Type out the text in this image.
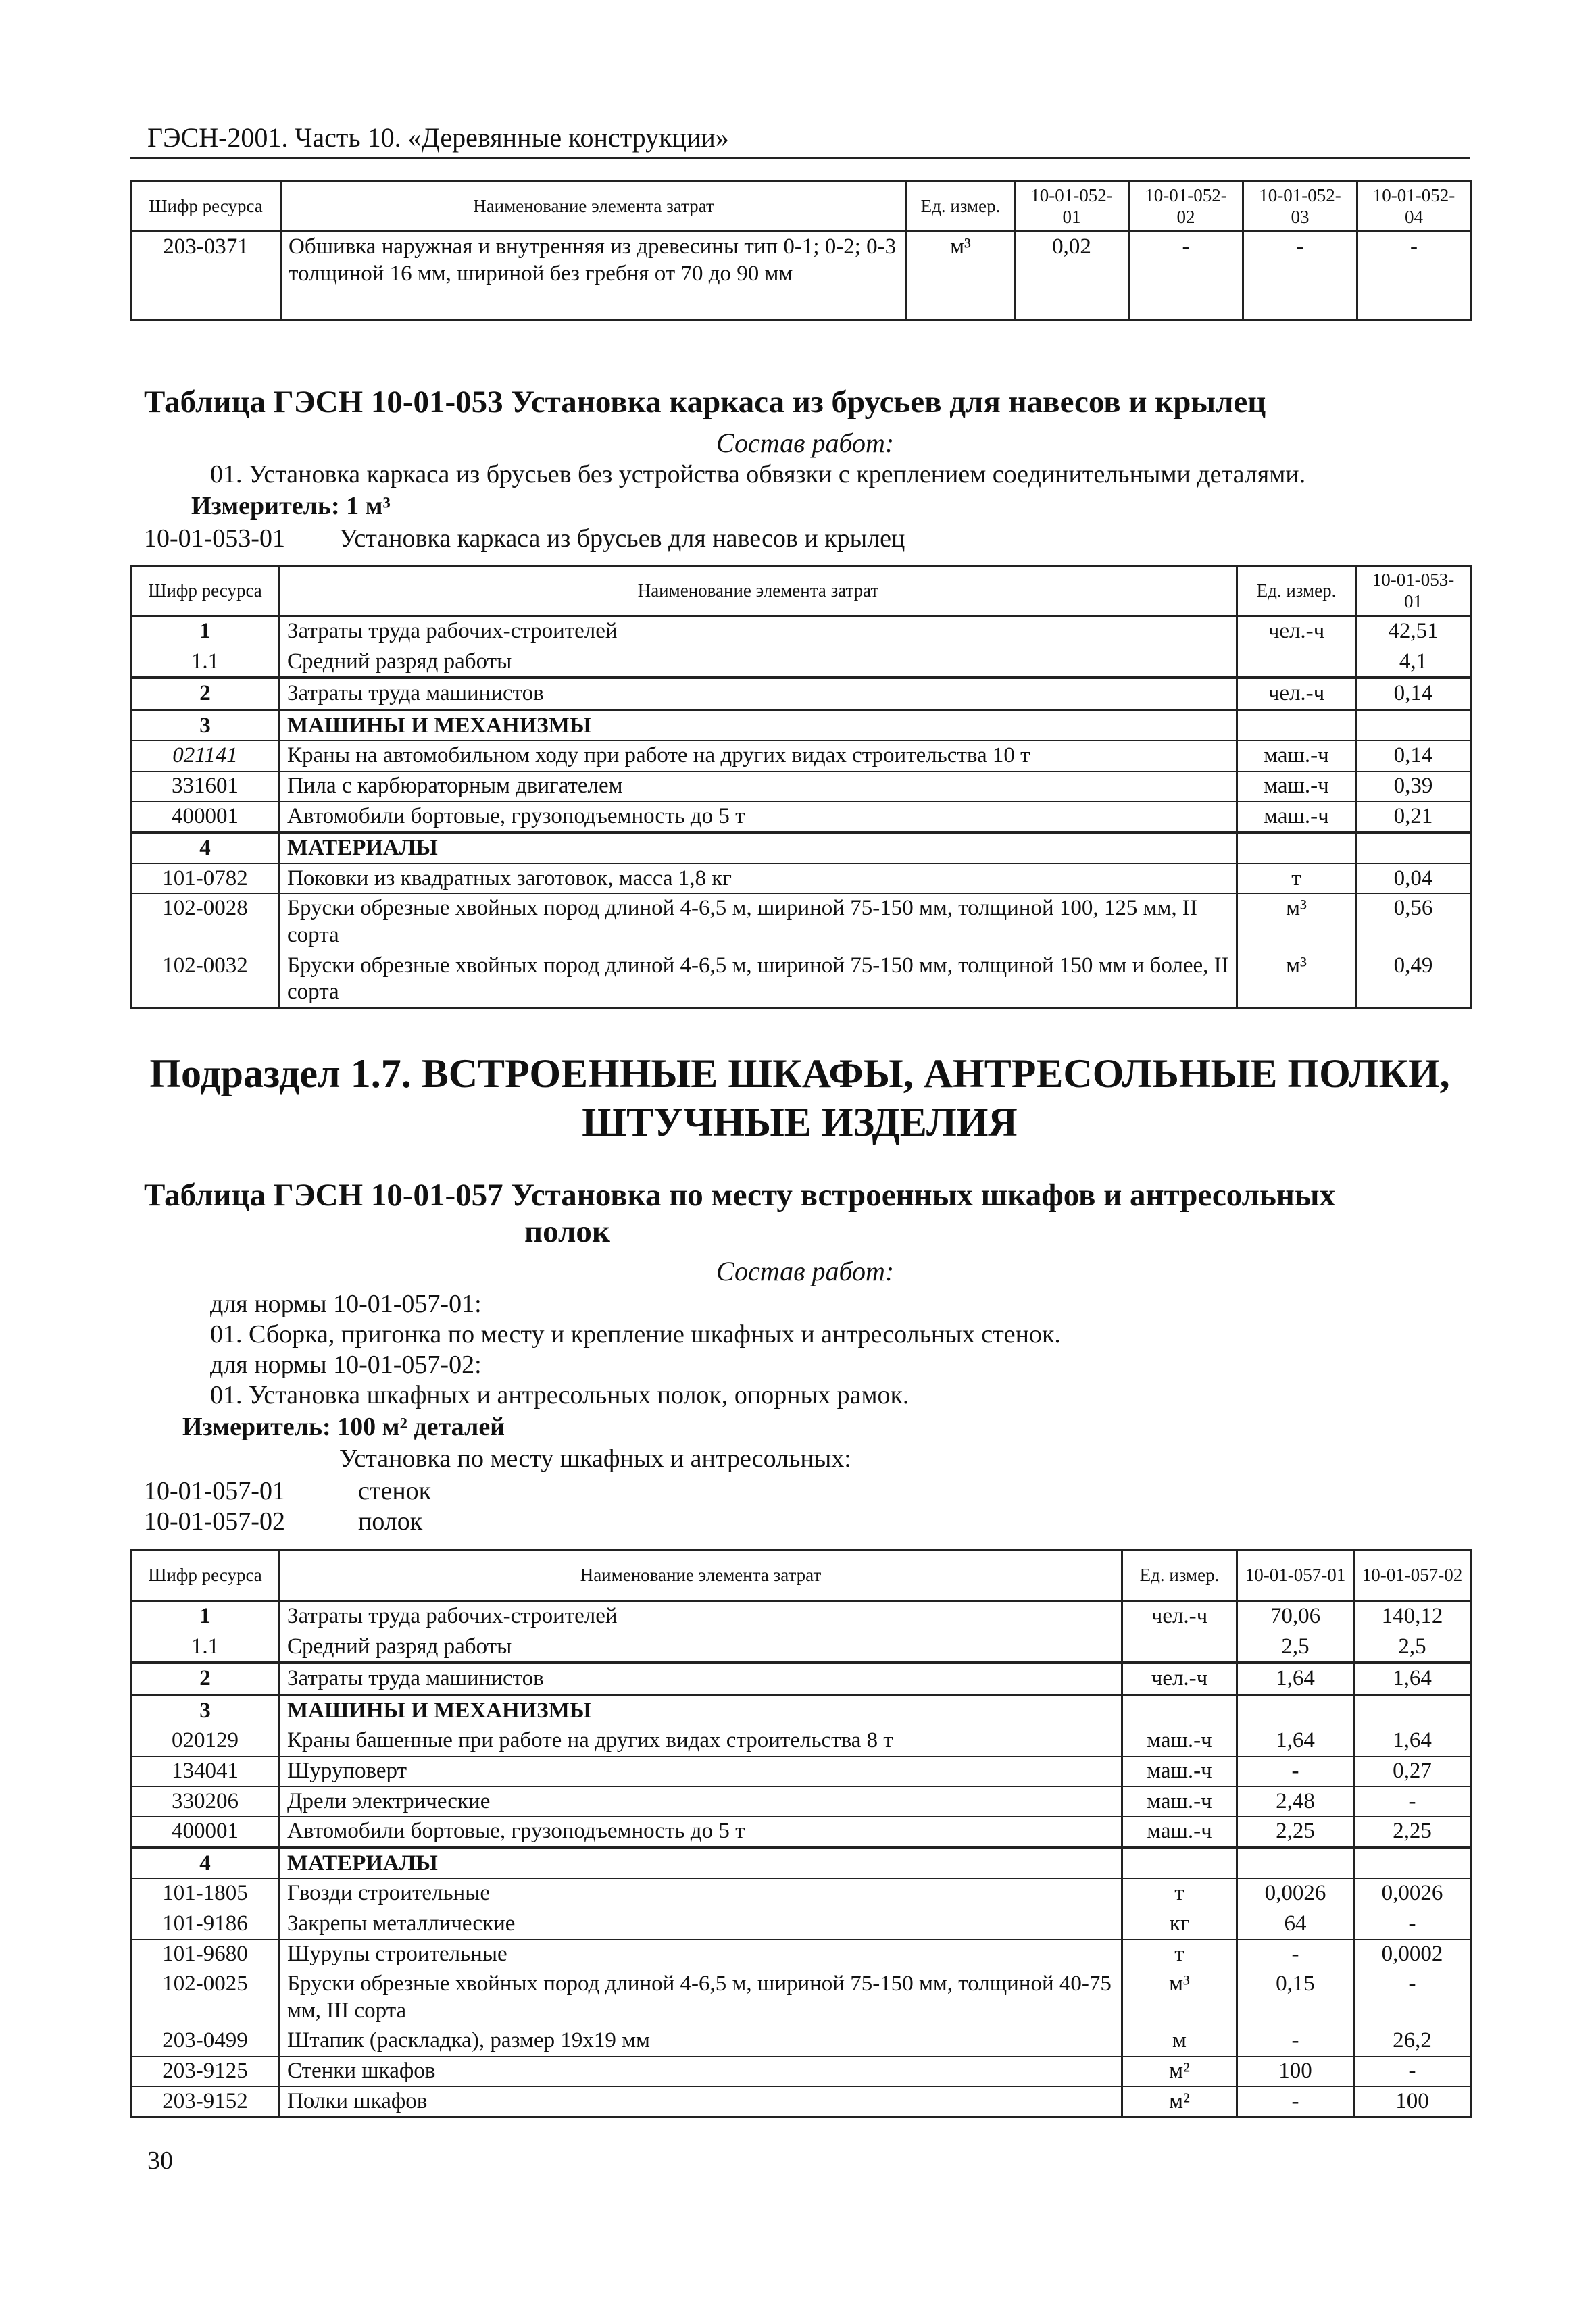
ГЭСН-2001. Часть 10. «Деревянные конструкции»
Шифр ресурса	Наименование элемента затрат	Ед. измер.	10-01-052-01	10-01-052-02	10-01-052-03	10-01-052-04
203-0371	Обшивка наружная и внутренняя из древесины тип 0-1; 0-2; 0-3 толщиной 16 мм, шириной без гребня от 70 до 90 мм	м³	0,02	-	-	-
Таблица ГЭСН 10-01-053 Установка каркаса из брусьев для навесов и крылец
Состав работ:
01. Установка каркаса из брусьев без устройства обвязки с креплением соединительными деталями.
Измеритель: 1 м³
10-01-053-01 Установка каркаса из брусьев для навесов и крылец
Шифр ресурса	Наименование элемента затрат	Ед. измер.	10-01-053-01
1	Затраты труда рабочих-строителей	чел.-ч	42,51
1.1	Средний разряд работы		4,1
2	Затраты труда машинистов	чел.-ч	0,14
3	МАШИНЫ И МЕХАНИЗМЫ		
021141	Краны на автомобильном ходу при работе на других видах строительства 10 т	маш.-ч	0,14
331601	Пила с карбюраторным двигателем	маш.-ч	0,39
400001	Автомобили бортовые, грузоподъемность до 5 т	маш.-ч	0,21
4	МАТЕРИАЛЫ		
101-0782	Поковки из квадратных заготовок, масса 1,8 кг	т	0,04
102-0028	Бруски обрезные хвойных пород длиной 4-6,5 м, шириной 75-150 мм, толщиной 100, 125 мм, II сорта	м³	0,56
102-0032	Бруски обрезные хвойных пород длиной 4-6,5 м, шириной 75-150 мм, толщиной 150 мм и более, II сорта	м³	0,49
Подраздел 1.7. ВСТРОЕННЫЕ ШКАФЫ, АНТРЕСОЛЬНЫЕ ПОЛКИ,
ШТУЧНЫЕ ИЗДЕЛИЯ
Таблица ГЭСН 10-01-057 Установка по месту встроенных шкафов и антресольных
полок
Состав работ:
для нормы 10-01-057-01:
01. Сборка, пригонка по месту и крепление шкафных и антресольных стенок.
для нормы 10-01-057-02:
01. Установка шкафных и антресольных полок, опорных рамок.
Измеритель: 100 м² деталей
Установка по месту шкафных и антресольных:
10-01-057-01	стенок
10-01-057-02	полок
Шифр ресурса	Наименование элемента затрат	Ед. измер.	10-01-057-01	10-01-057-02
1	Затраты труда рабочих-строителей	чел.-ч	70,06	140,12
1.1	Средний разряд работы		2,5	2,5
2	Затраты труда машинистов	чел.-ч	1,64	1,64
3	МАШИНЫ И МЕХАНИЗМЫ			
020129	Краны башенные при работе на других видах строительства 8 т	маш.-ч	1,64	1,64
134041	Шуруповерт	маш.-ч	-	0,27
330206	Дрели электрические	маш.-ч	2,48	-
400001	Автомобили бортовые, грузоподъемность до 5 т	маш.-ч	2,25	2,25
4	МАТЕРИАЛЫ			
101-1805	Гвозди строительные	т	0,0026	0,0026
101-9186	Закрепы металлические	кг	64	-
101-9680	Шурупы строительные	т	-	0,0002
102-0025	Бруски обрезные хвойных пород длиной 4-6,5 м, шириной 75-150 мм, толщиной 40-75 мм, III сорта	м³	0,15	-
203-0499	Штапик (раскладка), размер 19x19 мм	м	-	26,2
203-9125	Стенки шкафов	м²	100	-
203-9152	Полки шкафов	м²	-	100
30
